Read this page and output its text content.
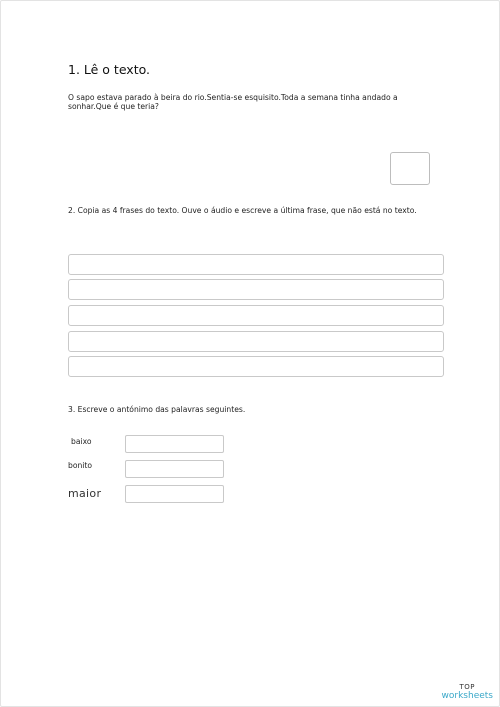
1. Lê o texto.
O sapo estava parado à beira do rio.Sentia-se esquisito.Toda a semana tinha andado a sonhar.Que é que teria?
2. Copia as 4 frases do texto. Ouve o áudio e escreve a última frase, que não está no texto.
3. Escreve o antónimo das palavras seguintes.
baixo
bonito
maior
TOP
worksheets
